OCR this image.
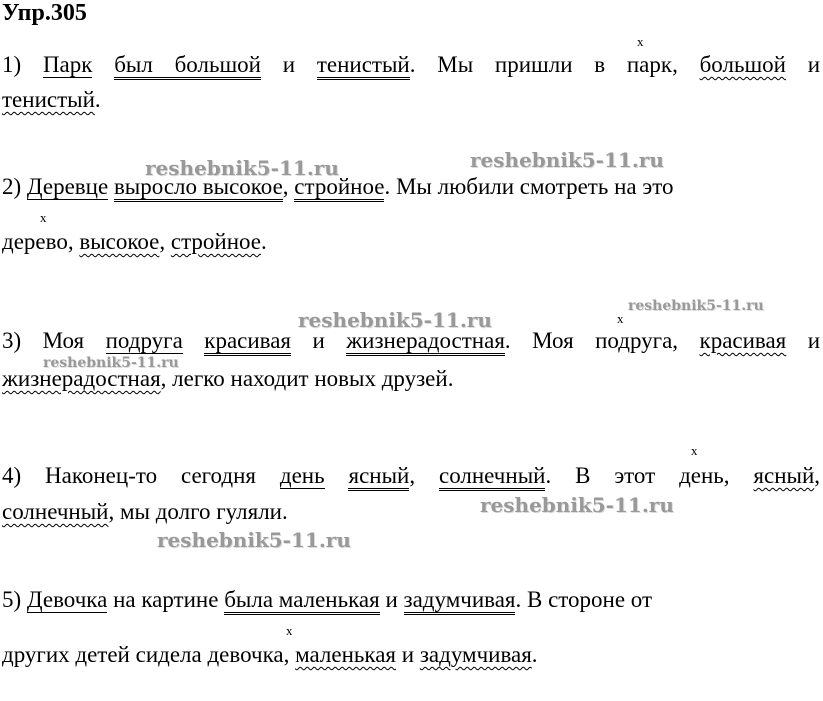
Упр.305
x
x
x
x
x
reshebnik5-11.ru	reshebnik5-11.ru
reshebnik5-11.ru
reshebnik5-11.ru
reshebnik5-11.ru
reshebnik5-11.ru
reshebnik5-11.ru
1) Парк был большой и тенистый. Мы пришли в парк, большой и
тенистый.
2) Деревце выросло высокое, стройное. Мы любили смотреть на это
дерево, высокое, стройное.
3) Моя подруга красивая и жизнерадостная. Моя подруга, красивая и
жизнерадостная, легко находит новых друзей.
4) Наконец-то сегодня день ясный, солнечный. В этот день, ясный,
солнечный, мы долго гуляли.
5) Девочка на картине была маленькая и задумчивая. В стороне от
других детей сидела девочка, маленькая и задумчивая.
